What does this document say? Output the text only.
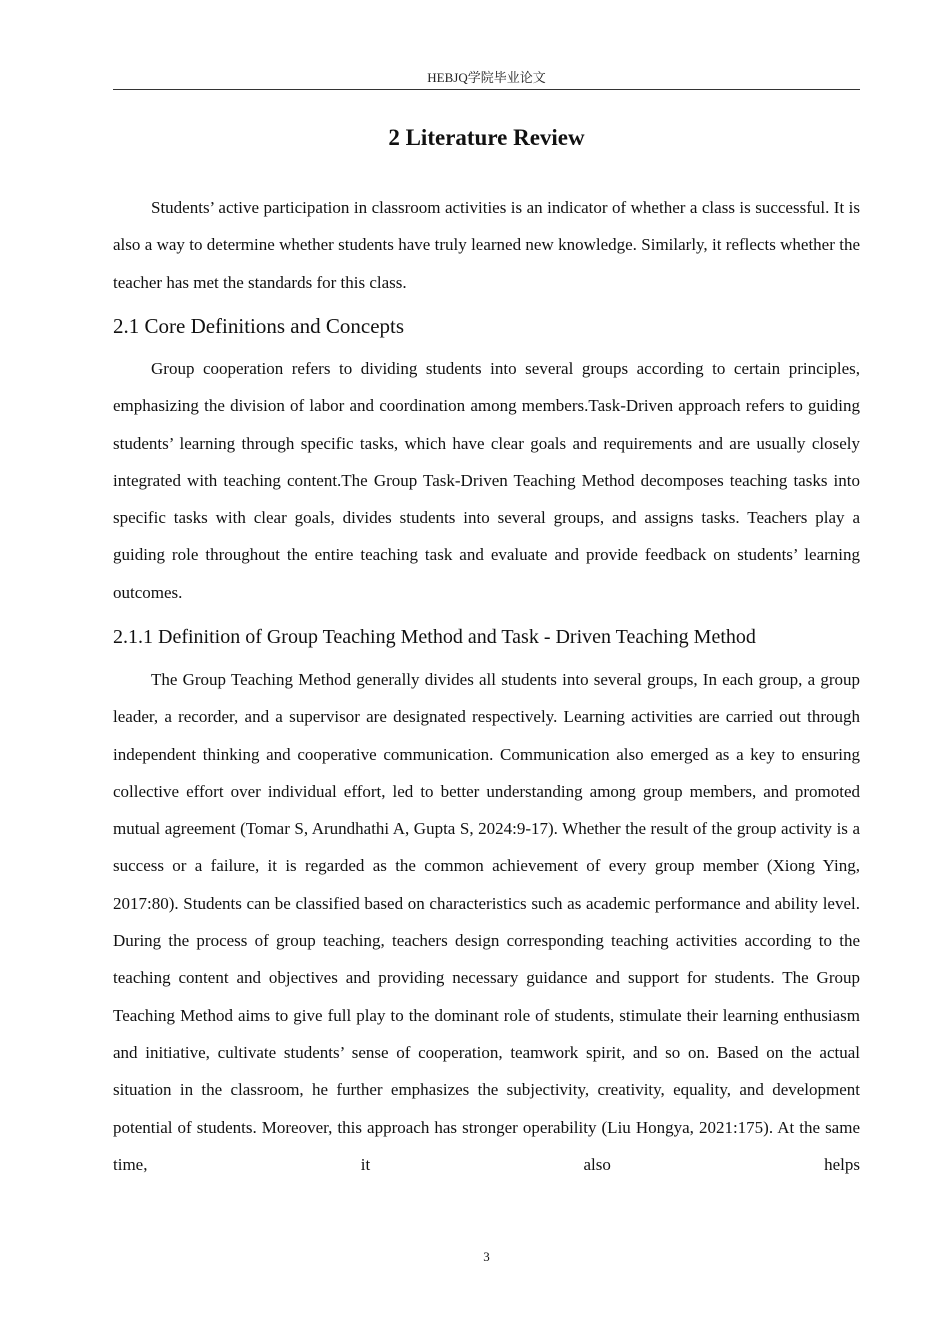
HEBJQ学院毕业论文
2 Literature Review

Students’ active participation in classroom activities is an indicator of whether a class is successful. It is also a way to determine whether students have truly learned new knowledge. Similarly, it reflects whether the teacher has met the standards for this class.

2.1 Core Definitions and Concepts

Group cooperation refers to dividing students into several groups according to certain principles, emphasizing the division of labor and coordination among members.Task-Driven approach refers to guiding students’ learning through specific tasks, which have clear goals and requirements and are usually closely integrated with teaching content.The Group Task-Driven Teaching Method decomposes teaching tasks into specific tasks with clear goals, divides students into several groups, and assigns tasks. Teachers play a guiding role throughout the entire teaching task and evaluate and provide feedback on students’ learning outcomes.

2.1.1 Definition of Group Teaching Method and Task - Driven Teaching Method

The Group Teaching Method generally divides all students into several groups, In each group, a group leader, a recorder, and a supervisor are designated respectively. Learning activities are carried out through independent thinking and cooperative communication. Communication also emerged as a key to ensuring collective effort over individual effort, led to better understanding among group members, and promoted mutual agreement (Tomar S, Arundhathi A, Gupta S, 2024:9-17). Whether the result of the group activity is a success or a failure, it is regarded as the common achievement of every group member (Xiong Ying, 2017:80). Students can be classified based on characteristics such as academic performance and ability level. During the process of group teaching, teachers design corresponding teaching activities according to the teaching content and objectives and providing necessary guidance and support for students. The Group Teaching Method aims to give full play to the dominant role of students, stimulate their learning enthusiasm and initiative, cultivate students’ sense of cooperation, teamwork spirit, and so on. Based on the actual situation in the classroom, he further emphasizes the subjectivity, creativity, equality, and development potential of students. Moreover, this approach has stronger operability (Liu Hongya, 2021:175). At the same time, it also helps

3
